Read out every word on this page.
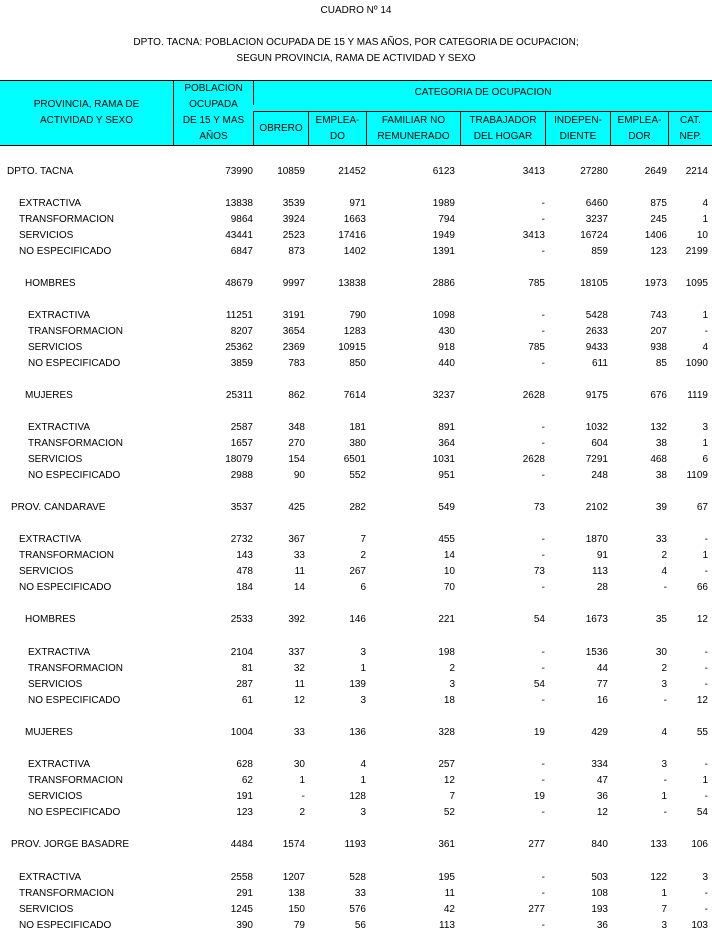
CUADRO Nº 14
DPTO. TACNA: POBLACION OCUPADA DE 15 Y MAS AÑOS, POR CATEGORIA DE OCUPACION;
SEGUN PROVINCIA, RAMA DE ACTIVIDAD Y SEXO
PROVINCIA, RAMA DE
ACTIVIDAD Y SEXO
POBLACION
OCUPADA
DE 15 Y MAS
AÑOS
CATEGORIA DE OCUPACION
OBRERO
EMPLEA-
DO
FAMILIAR NO
REMUNERADO
TRABAJADOR
DEL HOGAR
INDEPEN-
DIENTE
EMPLEA-
DOR
CAT.
NEP.
DPTO. TACNA	73990 10859	21452	6123	3413	27280	2649 2214
EXTRACTIVA	13838	3539	971	1989	-	6460	875	4
TRANSFORMACION	9864	3924	1663	794	-	3237	245	1
SERVICIOS	43441	2523	17416	1949	3413	16724	1406	10
NO ESPECIFICADO	6847	873	1402	1391	-	859	123 2199
HOMBRES	48679	9997	13838	2886	785	18105	1973 1095
EXTRACTIVA	11251	3191	790	1098	-	5428	743	1
TRANSFORMACION	8207	3654	1283	430	-	2633	207	-
SERVICIOS	25362	2369	10915	918	785	9433	938	4
NO ESPECIFICADO	3859	783	850	440	-	611	85 1090
MUJERES	25311	862	7614	3237	2628	9175	676 1119
EXTRACTIVA	2587	348	181	891	-	1032	132	3
TRANSFORMACION	1657	270	380	364	-	604	38	1
SERVICIOS	18079	154	6501	1031	2628	7291	468	6
NO ESPECIFICADO	2988	90	552	951	-	248	38 1109
PROV. CANDARAVE	3537	425	282	549	73	2102	39	67
EXTRACTIVA	2732	367	7	455	-	1870	33	-
TRANSFORMACION	143	33	2	14	-	91	2	1
SERVICIOS	478	11	267	10	73	113	4	-
NO ESPECIFICADO	184	14	6	70	-	28	-	66
HOMBRES	2533	392	146	221	54	1673	35	12
EXTRACTIVA	2104	337	3	198	-	1536	30	-
TRANSFORMACION	81	32	1	2	-	44	2	-
SERVICIOS	287	11	139	3	54	77	3	-
NO ESPECIFICADO	61	12	3	18	-	16	-	12
MUJERES	1004	33	136	328	19	429	4	55
EXTRACTIVA	628	30	4	257	-	334	3	-
TRANSFORMACION	62	1	1	12	-	47	-	1
SERVICIOS	191	-	128	7	19	36	1	-
NO ESPECIFICADO	123	2	3	52	-	12	-	54
PROV. JORGE BASADRE	4484	1574	1193	361	277	840	133 106
EXTRACTIVA	2558	1207	528	195	-	503	122	3
TRANSFORMACION	291	138	33	11	-	108	1	-
SERVICIOS	1245	150	576	42	277	193	7	-
NO ESPECIFICADO	390	79	56	113	-	36	3 103
